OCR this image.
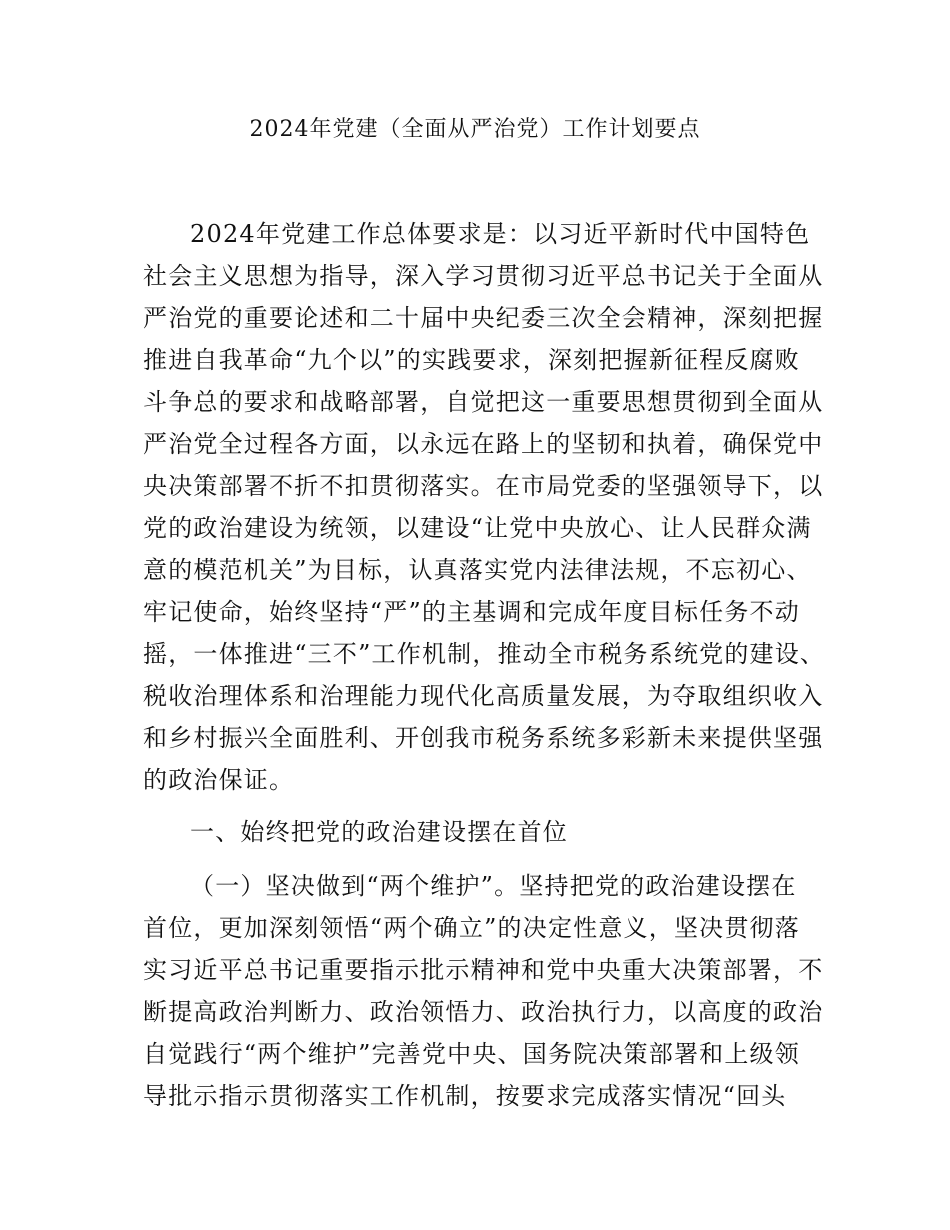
2024年党建（全面从严治党）工作计划要点

2024年党建工作总体要求是：以习近平新时代中国特色

社会主义思想为指导，深入学习贯彻习近平总书记关于全面从

严治党的重要论述和二十届中央纪委三次全会精神，深刻把握

推进自我革命“九个以”的实践要求，深刻把握新征程反腐败

斗争总的要求和战略部署，自觉把这一重要思想贯彻到全面从

严治党全过程各方面，以永远在路上的坚韧和执着，确保党中

央决策部署不折不扣贯彻落实。在市局党委的坚强领导下，以

党的政治建设为统领，以建设“让党中央放心、让人民群众满

意的模范机关”为目标，认真落实党内法律法规，不忘初心、

牢记使命，始终坚持“严”的主基调和完成年度目标任务不动

摇，一体推进“三不”工作机制，推动全市税务系统党的建设、

税收治理体系和治理能力现代化高质量发展，为夺取组织收入

和乡村振兴全面胜利、开创我市税务系统多彩新未来提供坚强

的政治保证。

一、始终把党的政治建设摆在首位

（一）坚决做到“两个维护”。坚持把党的政治建设摆在

首位，更加深刻领悟“两个确立”的决定性意义，坚决贯彻落

实习近平总书记重要指示批示精神和党中央重大决策部署，不

断提高政治判断力、政治领悟力、政治执行力，以高度的政治

自觉践行“两个维护”完善党中央、国务院决策部署和上级领

导批示指示贯彻落实工作机制，按要求完成落实情况“回头
